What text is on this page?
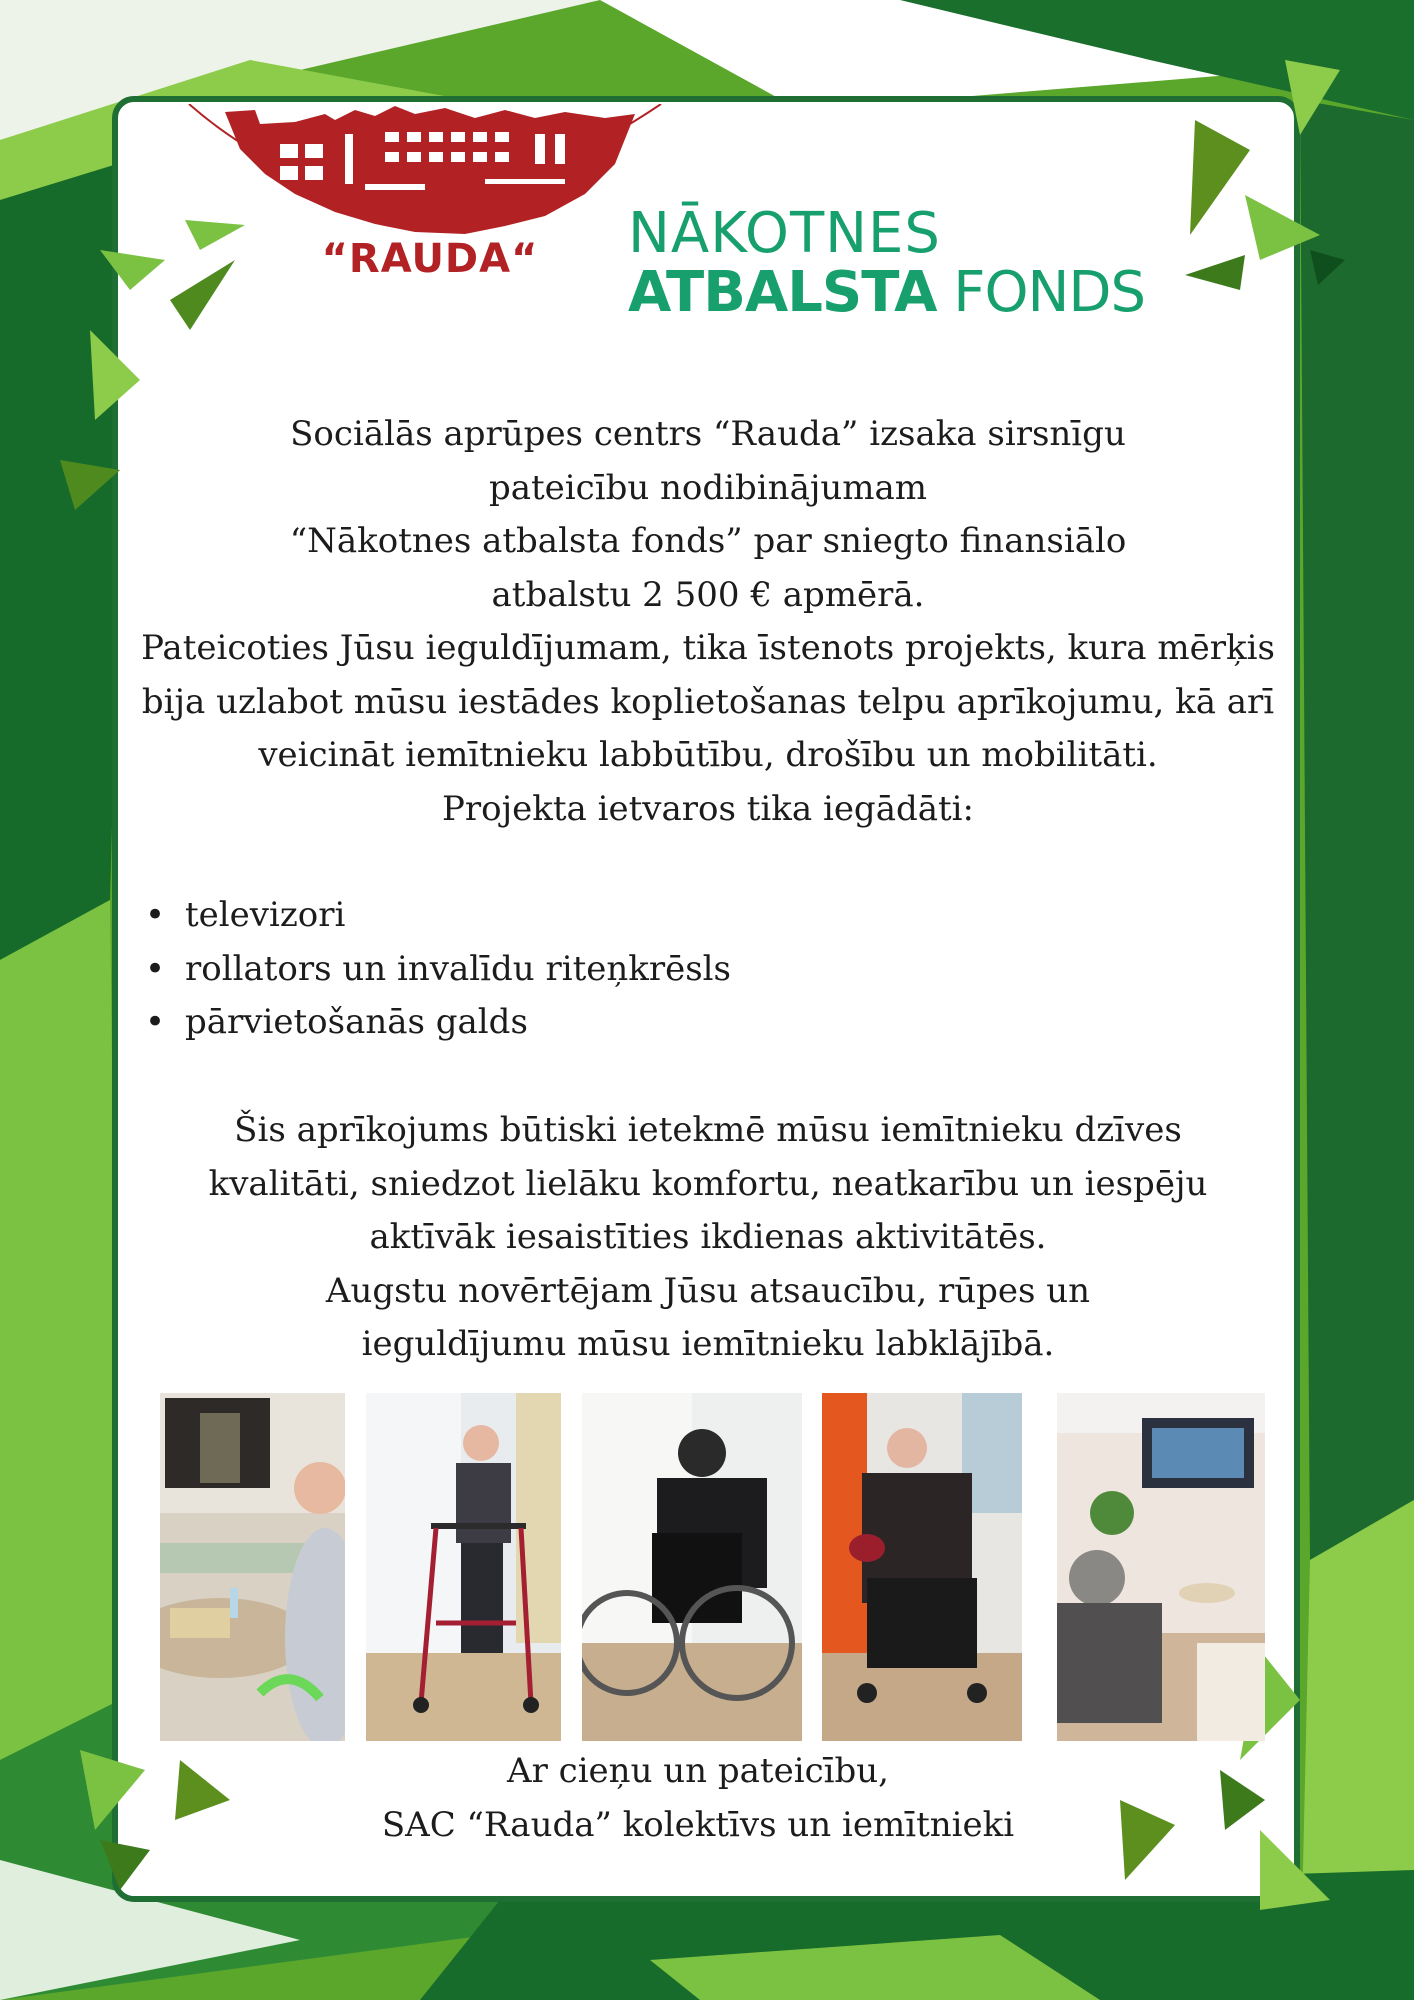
“RAUDA“	NĀKOTNES
ATBALSTA FONDS

Sociālās aprūpes centrs “Rauda” izsaka sirsnīgu pateicību nodibinājumam

“Nākotnes atbalsta fonds” par sniegto finansiālo atbalstu 2 500 € apmērā.

Pateicoties Jūsu ieguldījumam, tika īstenots projekts, kura mērķis bija uzlabot mūsu iestādes koplietošanas telpu aprīkojumu, kā arī veicināt iemītnieku labbūtību, drošību un mobilitāti.

Projekta ietvaros tika iegādāti:

• televizori
• rollators un invalīdu riteņkrēsls
• pārvietošanās galds

Šis aprīkojums būtiski ietekmē mūsu iemītnieku dzīves kvalitāti, sniedzot lielāku komfortu, neatkarību un iespēju aktīvāk iesaistīties ikdienas aktivitātēs.

Augstu novērtējam Jūsu atsaucību, rūpes un ieguldījumu mūsu iemītnieku labklājībā.

Ar cieņu un pateicību,

SAC “Rauda” kolektīvs un iemītnieki
